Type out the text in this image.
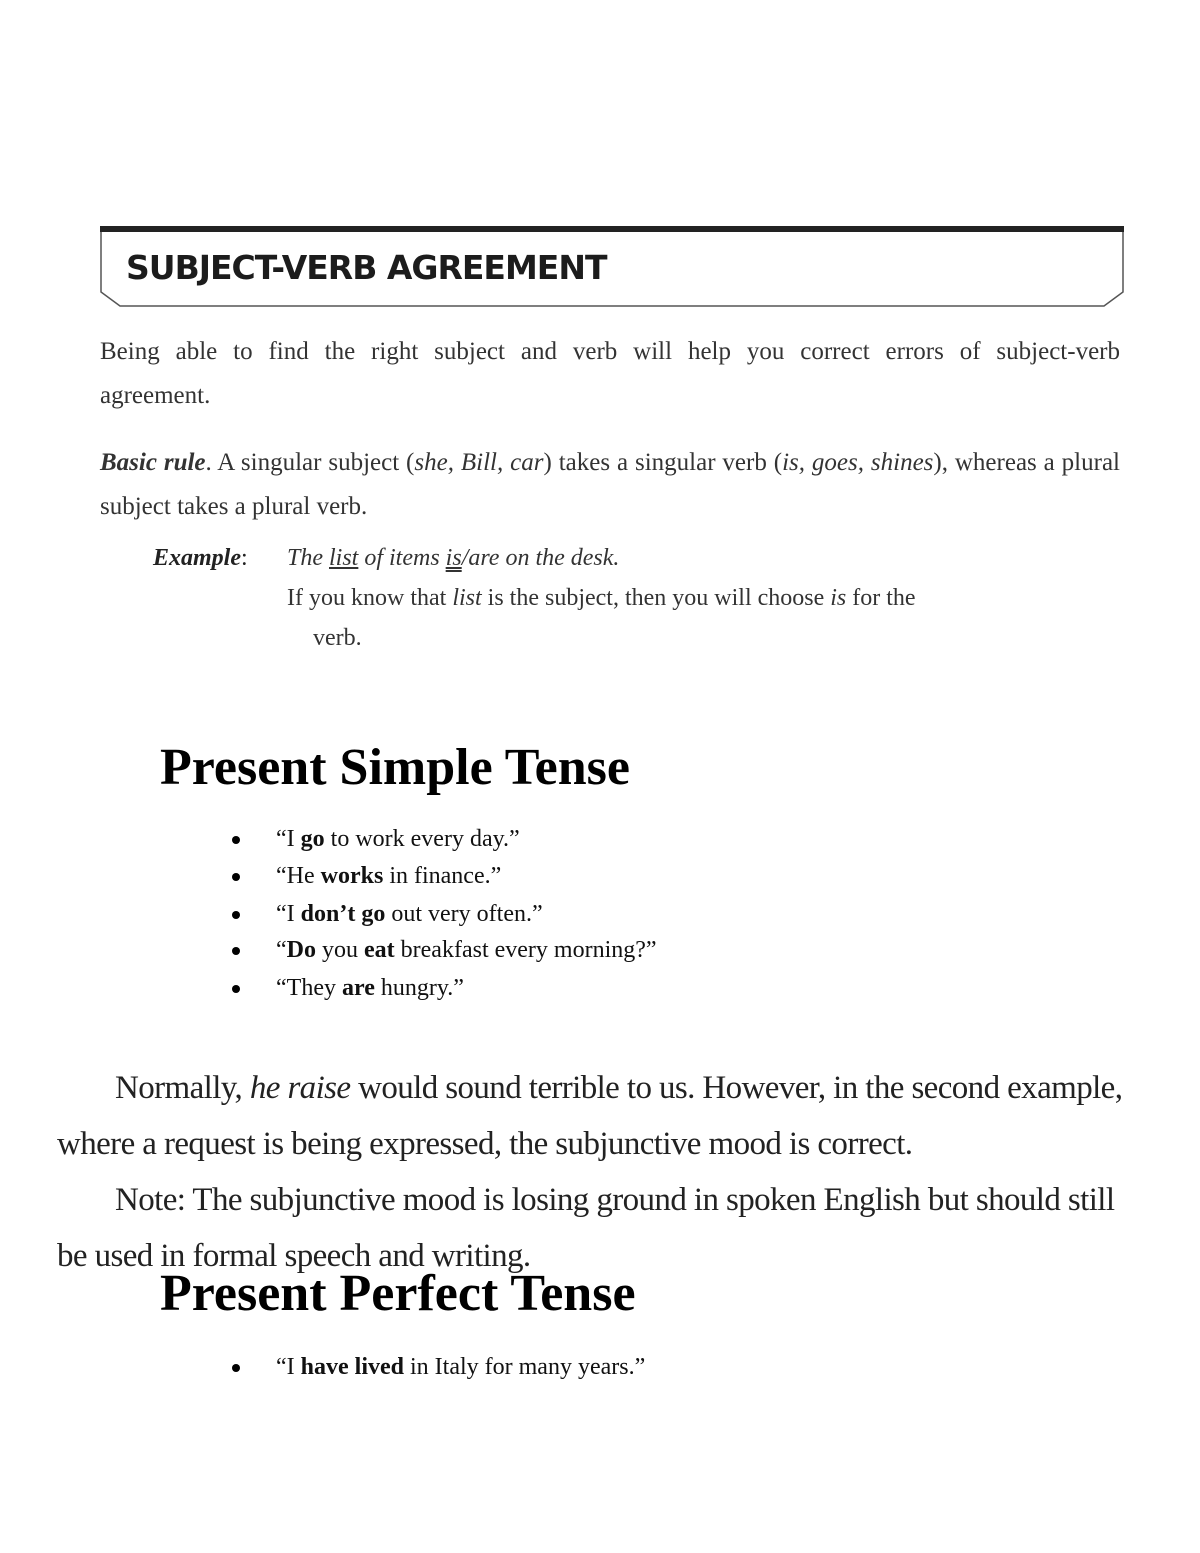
SUBJECT-VERB AGREEMENT
Being able to find the right subject and verb will help you correct errors of subject-verb agreement.
Basic rule. A singular subject (she, Bill, car) takes a singular verb (is, goes, shines), whereas a plural subject takes a plural verb.
Example: The list of items is/are on the desk.
If you know that list is the subject, then you will choose is for the
verb.
Present Simple Tense
“I go to work every day.”
“He works in finance.”
“I don’t go out very often.”
“Do you eat breakfast every morning?”
“They are hungry.”
Normally, he raise would sound terrible to us. However, in the second example, where a request is being expressed, the subjunctive mood is correct.
Note: The subjunctive mood is losing ground in spoken English but should still be used in formal speech and writing.
Present Perfect Tense
“I have lived in Italy for many years.”
